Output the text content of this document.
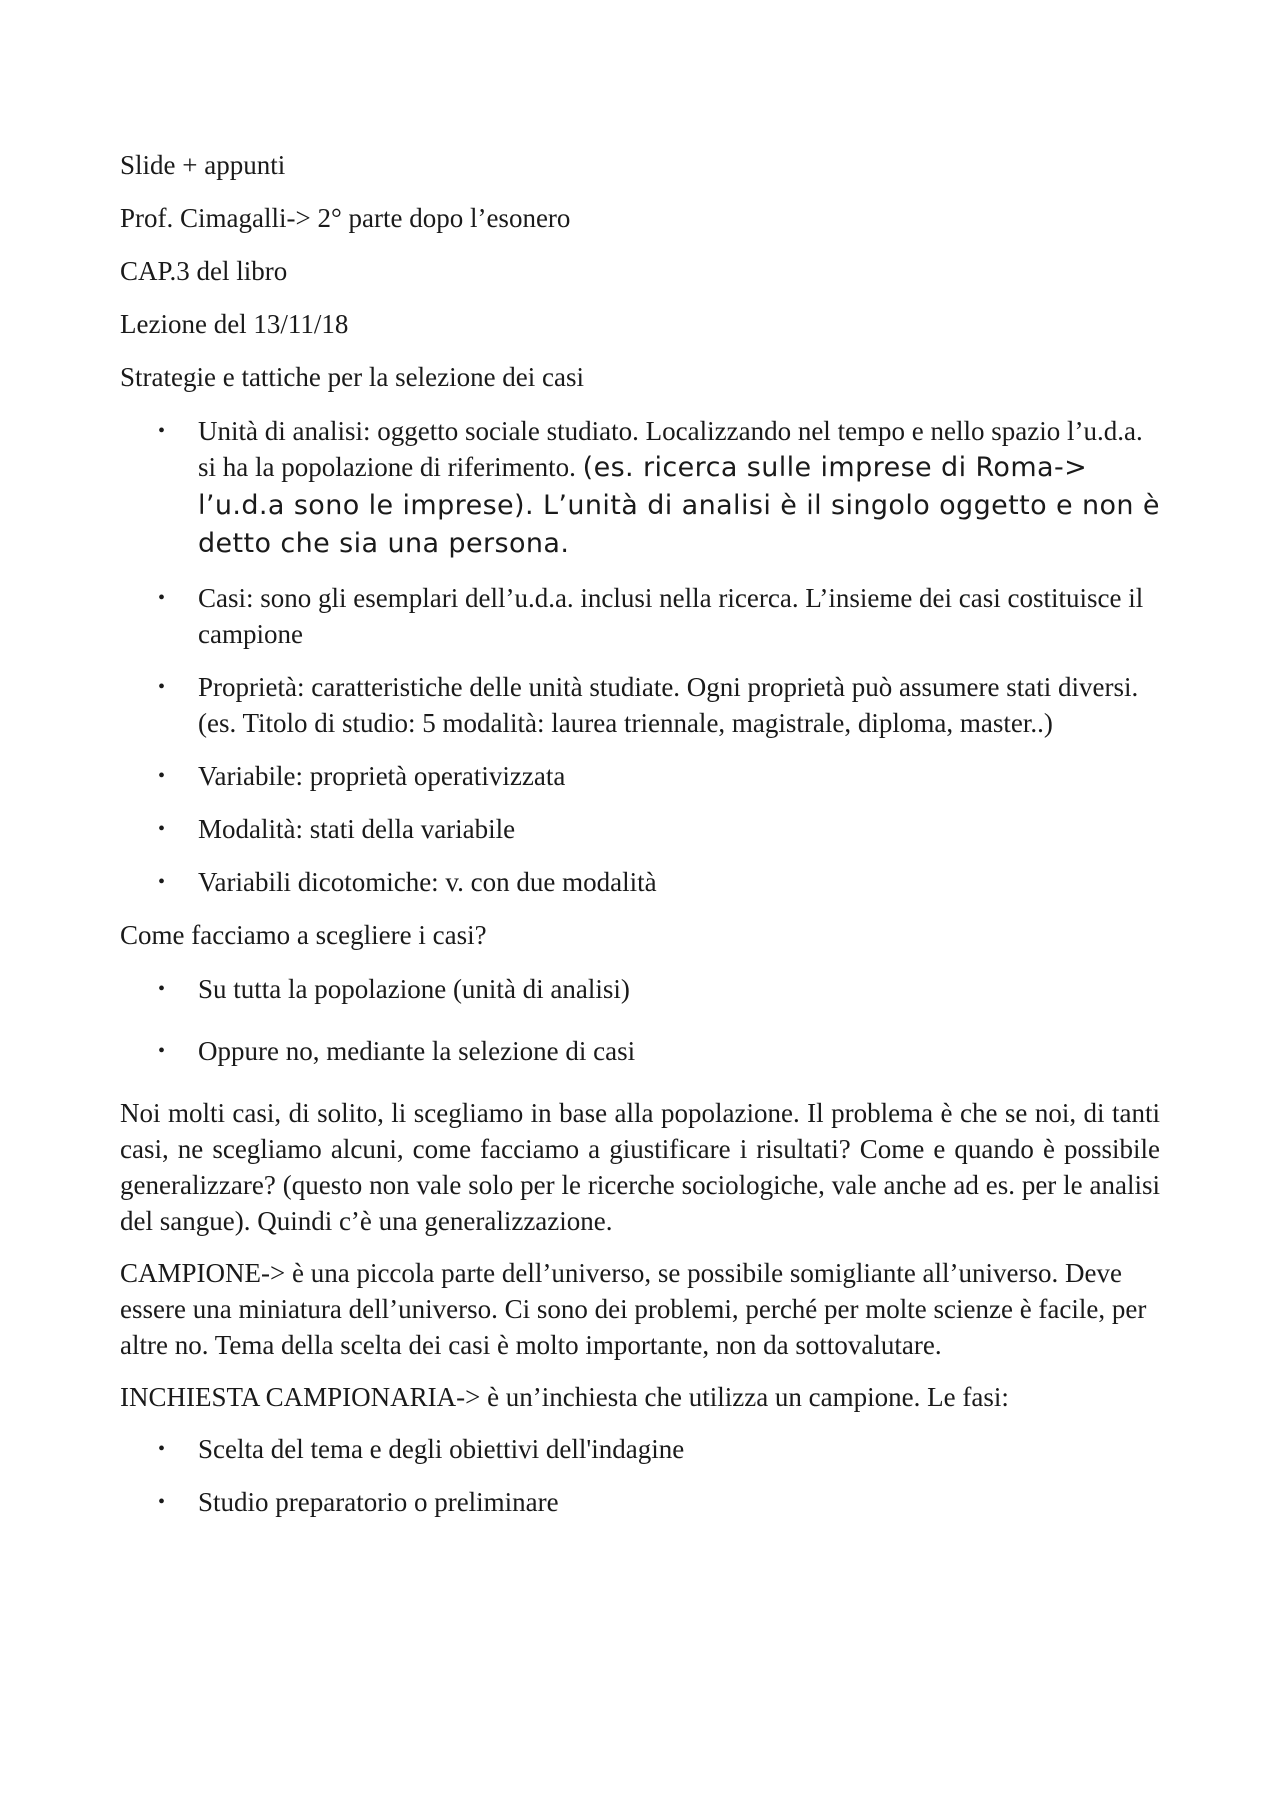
Slide + appunti

Prof. Cimagalli-> 2° parte dopo l’esonero

CAP.3 del libro

Lezione del 13/11/18

Strategie e tattiche per la selezione dei casi

• Unità di analisi: oggetto sociale studiato. Localizzando nel tempo e nello spazio l’u.d.a. si ha la popolazione di riferimento. (es. ricerca sulle imprese di Roma-> l’u.d.a sono le imprese). L’unità di analisi è il singolo oggetto e non è detto che sia una persona.
• Casi: sono gli esemplari dell’u.d.a. inclusi nella ricerca. L’insieme dei casi costituisce il campione
• Proprietà: caratteristiche delle unità studiate. Ogni proprietà può assumere stati diversi. (es. Titolo di studio: 5 modalità: laurea triennale, magistrale, diploma, master..)
• Variabile: proprietà operativizzata
• Modalità: stati della variabile
• Variabili dicotomiche: v. con due modalità

Come facciamo a scegliere i casi?

• Su tutta la popolazione (unità di analisi)
• Oppure no, mediante la selezione di casi

Noi molti casi, di solito, li scegliamo in base alla popolazione. Il problema è che se noi, di tanti casi, ne scegliamo alcuni, come facciamo a giustificare i risultati? Come e quando è possibile generalizzare? (questo non vale solo per le ricerche sociologiche, vale anche ad es. per le analisi del sangue). Quindi c’è una generalizzazione.

CAMPIONE-> è una piccola parte dell’universo, se possibile somigliante all’universo. Deve essere una miniatura dell’universo. Ci sono dei problemi, perché per molte scienze è facile, per altre no. Tema della scelta dei casi è molto importante, non da sottovalutare.

INCHIESTA CAMPIONARIA-> è un’inchiesta che utilizza un campione. Le fasi:

• Scelta del tema e degli obiettivi dell'indagine
• Studio preparatorio o preliminare
